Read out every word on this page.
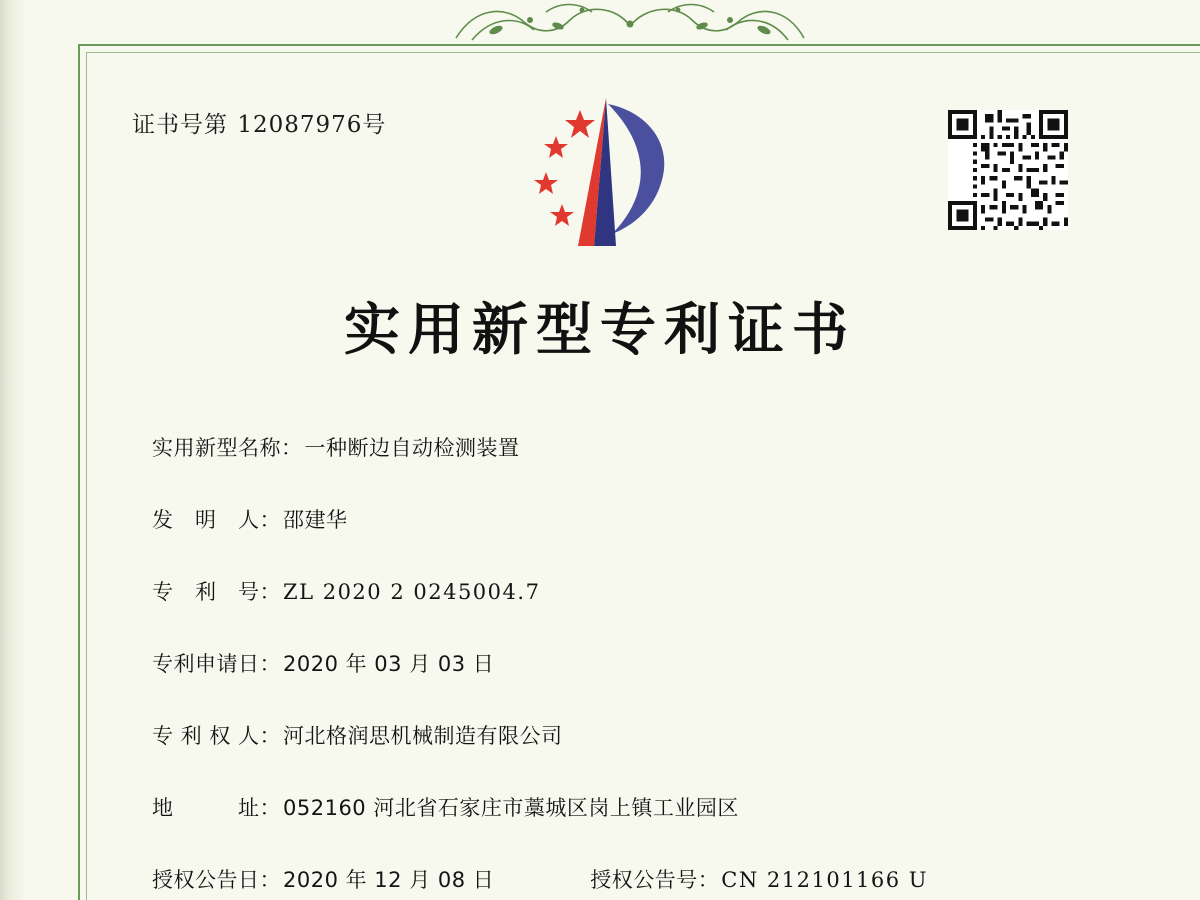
证书号第 12087976号
实用新型专利证书
实用新型名称： 一种断边自动检测装置
发　明　人： 邵建华
专　利　号： ZL 2020 2 0245004.7
专利申请日： 2020 年 03 月 03 日
专 利 权 人： 河北格润思机械制造有限公司
地　　　址： 052160 河北省石家庄市藁城区岗上镇工业园区
授权公告日： 2020 年 12 月 08 日	授权公告号： CN 212101166 U
